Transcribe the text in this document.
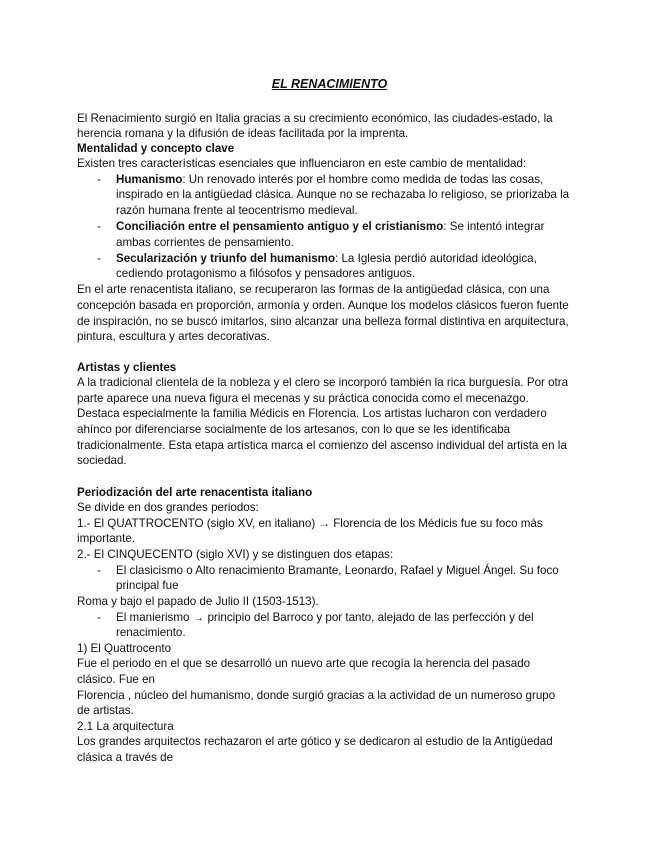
EL RENACIMIENTO
El Renacimiento surgió en Italia gracias a su crecimiento económico, las ciudades-estado, la
herencia romana y la difusión de ideas facilitada por la imprenta.
Mentalidad y concepto clave
Existen tres características esenciales que influenciaron en este cambio de mentalidad:
-	Humanismo: Un renovado interés por el hombre como medida de todas las cosas,
inspirado en la antigüedad clásica. Aunque no se rechazaba lo religioso, se priorizaba la
razón humana frente al teocentrismo medieval.
-	Conciliación entre el pensamiento antiguo y el cristianismo: Se intentó integrar
ambas corrientes de pensamiento.
-	Secularización y triunfo del humanismo: La Iglesia perdió autoridad ideológica,
cediendo protagonismo a filósofos y pensadores antiguos.
En el arte renacentista italiano, se recuperaron las formas de la antigüedad clásica, con una
concepción basada en proporción, armonía y orden. Aunque los modelos clásicos fueron fuente
de inspiración, no se buscó imitarlos, sino alcanzar una belleza formal distintiva en arquitectura,
pintura, escultura y artes decorativas.
Artistas y clientes
A la tradicional clientela de la nobleza y el clero se incorporó también la rica burguesía. Por otra
parte aparece una nueva figura el mecenas y su práctica conocida como el mecenazgo.
Destaca especialmente la familia Médicis en Florencia. Los artistas lucharon con verdadero
ahínco por diferenciarse socialmente de los artesanos, con lo que se les identificaba
tradicionalmente. Esta etapa artística marca el comienzo del ascenso individual del artista en la
sociedad.
Periodización del arte renacentista italiano
Se divide en dos grandes periodos:
1.- El QUATTROCENTO (siglo XV, en italiano) → Florencia de los Médicis fue su foco más
importante.
2.- El CINQUECENTO (siglo XVI) y se distinguen dos etapas:
-	El clasicismo o Alto renacimiento Bramante, Leonardo, Rafael y Miguel Ángel. Su foco
principal fue
Roma y bajo el papado de Julio II (1503-1513).
-	El manierismo → principio del Barroco y por tanto, alejado de las perfección y del
renacimiento.
1) El Quattrocento
Fue el periodo en el que se desarrolló un nuevo arte que recogía la herencia del pasado
clásico. Fue en
Florencia , núcleo del humanismo, donde surgió gracias a la actividad de un numeroso grupo
de artistas.
2.1 La arquitectura
Los grandes arquitectos rechazaron el arte gótico y se dedicaron al estudio de la Antigüedad
clásica a través de
